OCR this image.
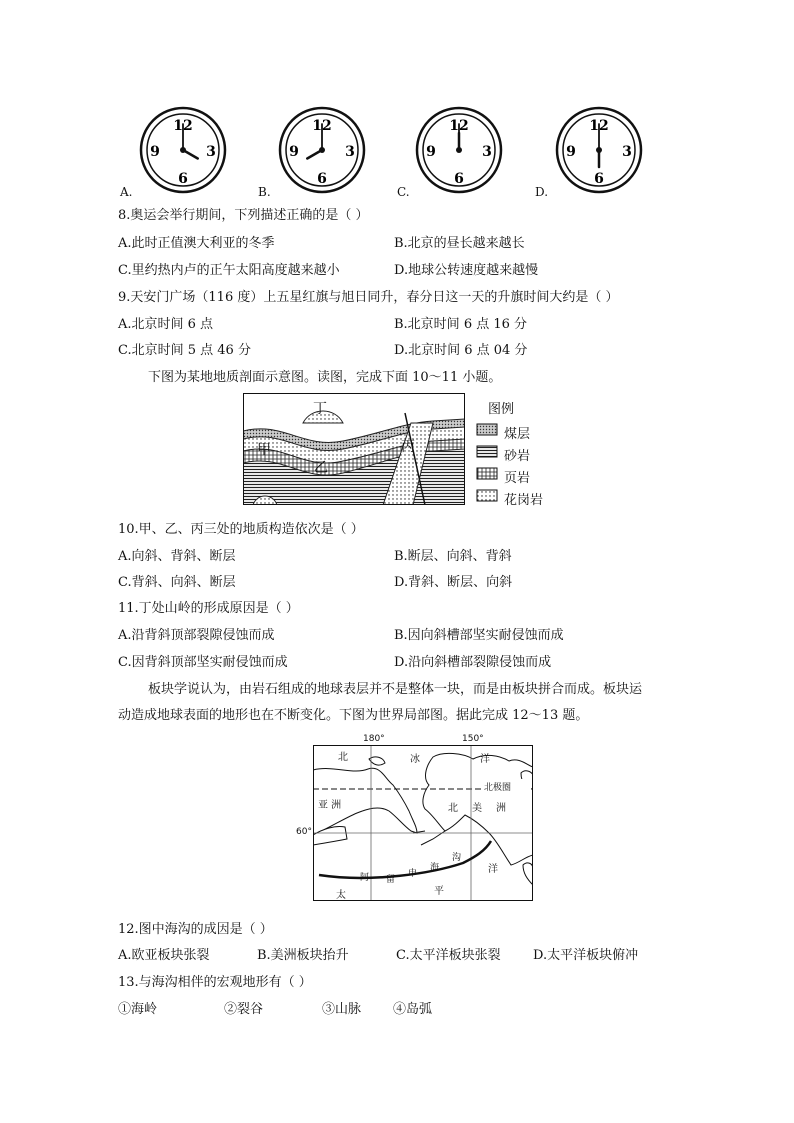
12
3
6
9
12
3
6
9
12
3
6
9
12
3
6
9
A.	B.	C.	D.
8.奥运会举行期间，下列描述正确的是（ ）
A.此时正值澳大利亚的冬季	B.北京的昼长越来越长
C.里约热内卢的正午太阳高度越来越小	D.地球公转速度越来越慢
9.天安门广场（116 度）上五星红旗与旭日同升，春分日这一天的升旗时间大约是（ ）
A.北京时间 6 点	B.北京时间 6 点 16 分
C.北京时间 5 点 46 分	D.北京时间 6 点 04 分
下图为某地地质剖面示意图。读图，完成下面 10～11 小题。
丁
甲
乙
丙
图例
煤层
砂岩
页岩
花岗岩
10.甲、乙、丙三处的地质构造依次是（ ）
A.向斜、背斜、断层	B.断层、向斜、背斜
C.背斜、向斜、断层	D.背斜、断层、向斜
11.丁处山岭的形成原因是（ ）
A.沿背斜顶部裂隙侵蚀而成	B.因向斜槽部坚实耐侵蚀而成
C.因背斜顶部坚实耐侵蚀而成	D.沿向斜槽部裂隙侵蚀而成
板块学说认为，由岩石组成的地球表层并不是整体一块，而是由板块拼合而成。板块运
动造成地球表面的地形也在不断变化。下图为世界局部图。据此完成 12～13 题。
180°	150°
60°
北极圈
北	冰	洋
亚 洲	北 美 洲
阿 留
申
海
沟
太	平
洋
12.图中海沟的成因是（ ）
A.欧亚板块张裂	B.美洲板块抬升	C.太平洋板块张裂 D.太平洋板块俯冲
13.与海沟相伴的宏观地形有（ ）
①海岭	②裂谷	③山脉 ④岛弧
